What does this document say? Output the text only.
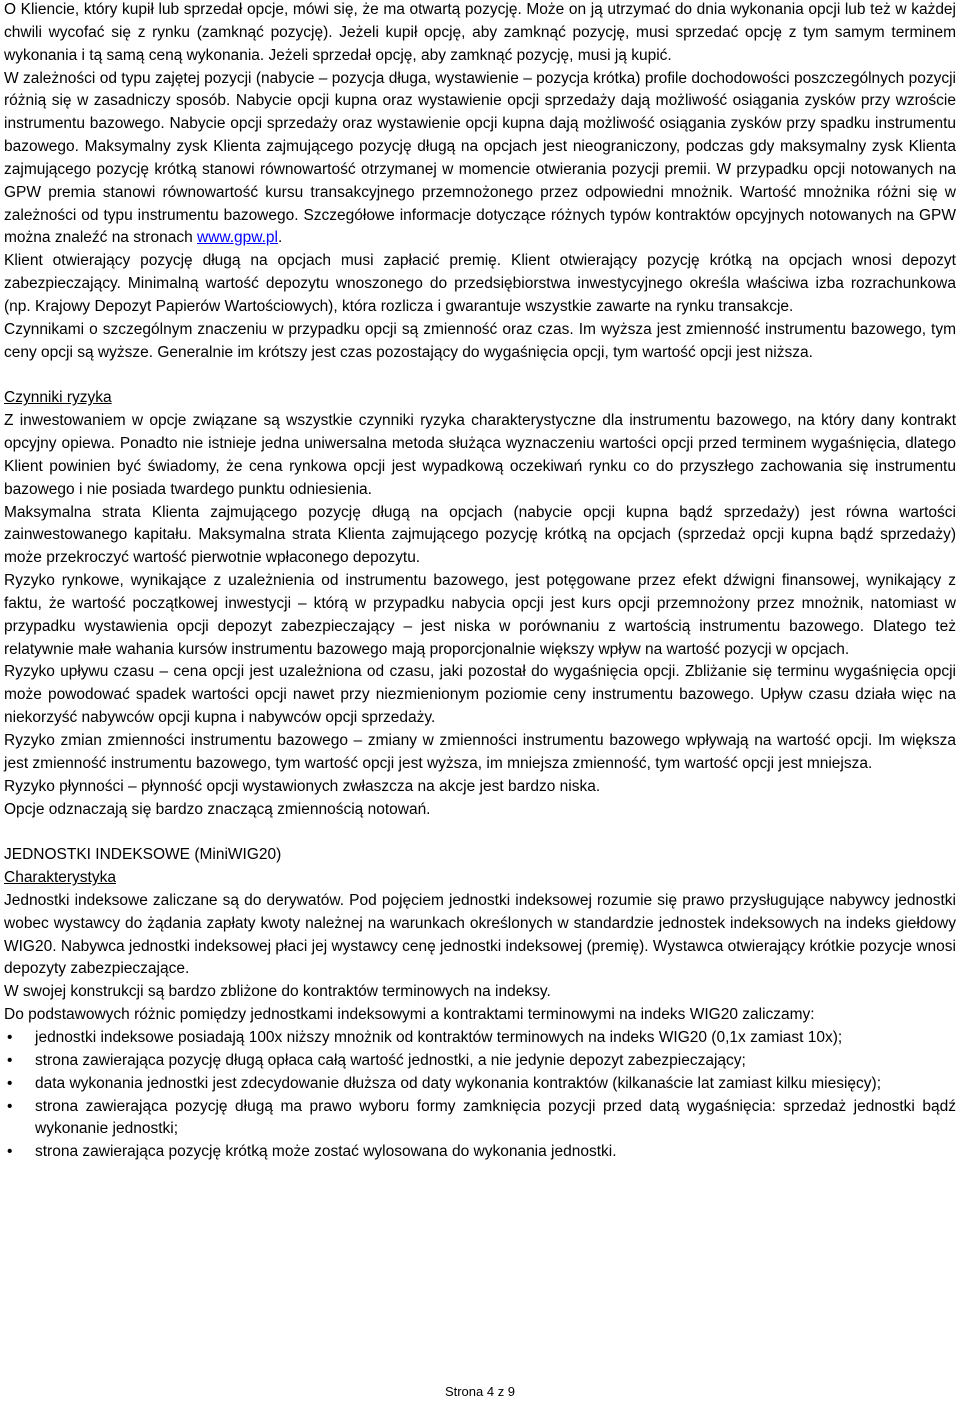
O Kliencie, który kupił lub sprzedał opcje, mówi się, że ma otwartą pozycję. Może on ją utrzymać do dnia wykonania opcji lub też w każdej chwili wycofać się z rynku (zamknąć pozycję). Jeżeli kupił opcję, aby zamknąć pozycję, musi sprzedać opcję z tym samym terminem wykonania i tą samą ceną wykonania. Jeżeli sprzedał opcję, aby zamknąć pozycję, musi ją kupić.

W zależności od typu zajętej pozycji (nabycie – pozycja długa, wystawienie – pozycja krótka) profile dochodowości poszczególnych pozycji różnią się w zasadniczy sposób. Nabycie opcji kupna oraz wystawienie opcji sprzedaży dają możliwość osiągania zysków przy wzroście instrumentu bazowego. Nabycie opcji sprzedaży oraz wystawienie opcji kupna dają możliwość osiągania zysków przy spadku instrumentu bazowego. Maksymalny zysk Klienta zajmującego pozycję długą na opcjach jest nieograniczony, podczas gdy maksymalny zysk Klienta zajmującego pozycję krótką stanowi równowartość otrzymanej w momencie otwierania pozycji premii. W przypadku opcji notowanych na GPW premia stanowi równowartość kursu transakcyjnego przemnożonego przez odpowiedni mnożnik. Wartość mnożnika różni się w zależności od typu instrumentu bazowego. Szczegółowe informacje dotyczące różnych typów kontraktów opcyjnych notowanych na GPW można znaleźć na stronach www.gpw.pl.

Klient otwierający pozycję długą na opcjach musi zapłacić premię. Klient otwierający pozycję krótką na opcjach wnosi depozyt zabezpieczający. Minimalną wartość depozytu wnoszonego do przedsiębiorstwa inwestycyjnego określa właściwa izba rozrachunkowa (np. Krajowy Depozyt Papierów Wartościowych), która rozlicza i gwarantuje wszystkie zawarte na rynku transakcje.

Czynnikami o szczególnym znaczeniu w przypadku opcji są zmienność oraz czas. Im wyższa jest zmienność instrumentu bazowego, tym ceny opcji są wyższe. Generalnie im krótszy jest czas pozostający do wygaśnięcia opcji, tym wartość opcji jest niższa.

Czynniki ryzyka

Z inwestowaniem w opcje związane są wszystkie czynniki ryzyka charakterystyczne dla instrumentu bazowego, na który dany kontrakt opcyjny opiewa. Ponadto nie istnieje jedna uniwersalna metoda służąca wyznaczeniu wartości opcji przed terminem wygaśnięcia, dlatego Klient powinien być świadomy, że cena rynkowa opcji jest wypadkową oczekiwań rynku co do przyszłego zachowania się instrumentu bazowego i nie posiada twardego punktu odniesienia.

Maksymalna strata Klienta zajmującego pozycję długą na opcjach (nabycie opcji kupna bądź sprzedaży) jest równa wartości zainwestowanego kapitału. Maksymalna strata Klienta zajmującego pozycję krótką na opcjach (sprzedaż opcji kupna bądź sprzedaży) może przekroczyć wartość pierwotnie wpłaconego depozytu.

Ryzyko rynkowe, wynikające z uzależnienia od instrumentu bazowego, jest potęgowane przez efekt dźwigni finansowej, wynikający z faktu, że wartość początkowej inwestycji – którą w przypadku nabycia opcji jest kurs opcji przemnożony przez mnożnik, natomiast w przypadku wystawienia opcji depozyt zabezpieczający – jest niska w porównaniu z wartością instrumentu bazowego. Dlatego też relatywnie małe wahania kursów instrumentu bazowego mają proporcjonalnie większy wpływ na wartość pozycji w opcjach.

Ryzyko upływu czasu – cena opcji jest uzależniona od czasu, jaki pozostał do wygaśnięcia opcji. Zbliżanie się terminu wygaśnięcia opcji może powodować spadek wartości opcji nawet przy niezmienionym poziomie ceny instrumentu bazowego. Upływ czasu działa więc na niekorzyść nabywców opcji kupna i nabywców opcji sprzedaży.

Ryzyko zmian zmienności instrumentu bazowego – zmiany w zmienności instrumentu bazowego wpływają na wartość opcji. Im większa jest zmienność instrumentu bazowego, tym wartość opcji jest wyższa, im mniejsza zmienność, tym wartość opcji jest mniejsza.

Ryzyko płynności – płynność opcji wystawionych zwłaszcza na akcje jest bardzo niska.

Opcje odznaczają się bardzo znaczącą zmiennością notowań.

JEDNOSTKI INDEKSOWE (MiniWIG20)

Charakterystyka

Jednostki indeksowe zaliczane są do derywatów. Pod pojęciem jednostki indeksowej rozumie się prawo przysługujące nabywcy jednostki wobec wystawcy do żądania zapłaty kwoty należnej na warunkach określonych w standardzie jednostek indeksowych na indeks giełdowy WIG20. Nabywca jednostki indeksowej płaci jej wystawcy cenę jednostki indeksowej (premię). Wystawca otwierający krótkie pozycje wnosi depozyty zabezpieczające.

W swojej konstrukcji są bardzo zbliżone do kontraktów terminowych na indeksy.

Do podstawowych różnic pomiędzy jednostkami indeksowymi a kontraktami terminowymi na indeks WIG20 zaliczamy:

• jednostki indeksowe posiadają 100x niższy mnożnik od kontraktów terminowych na indeks WIG20 (0,1x zamiast 10x);
• strona zawierająca pozycję długą opłaca całą wartość jednostki, a nie jedynie depozyt zabezpieczający;
• data wykonania jednostki jest zdecydowanie dłuższa od daty wykonania kontraktów (kilkanaście lat zamiast kilku miesięcy);
• strona zawierająca pozycję długą ma prawo wyboru formy zamknięcia pozycji przed datą wygaśnięcia: sprzedaż jednostki bądź wykonanie jednostki;
• strona zawierająca pozycję krótką może zostać wylosowana do wykonania jednostki.
Strona 4 z 9
